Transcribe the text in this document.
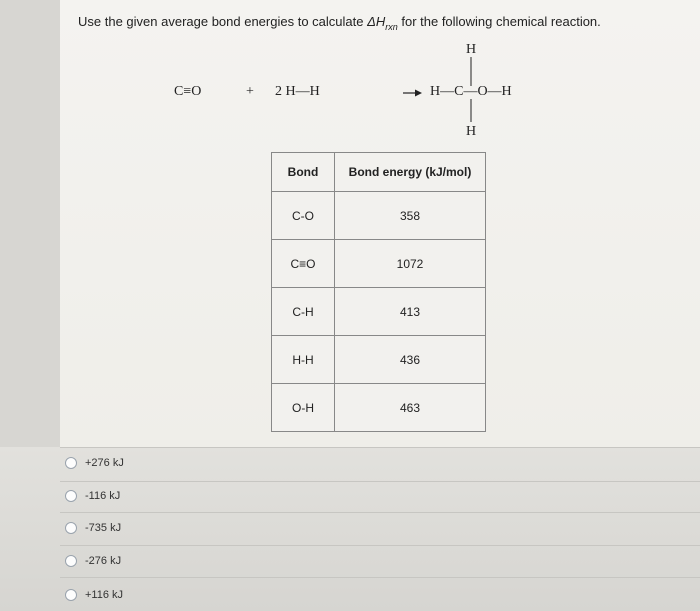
Use the given average bond energies to calculate $\Delta H_{rxn}$ for the following chemical reaction.
C≡O	+ 2 H—H
H
H—C—O—H
H
Bond	Bond energy (kJ/mol)
C-O	358
C≡O	1072
C-H	413
H-H	436
O-H	463
+276 kJ
-116 kJ
-735 kJ
-276 kJ
+116 kJ
